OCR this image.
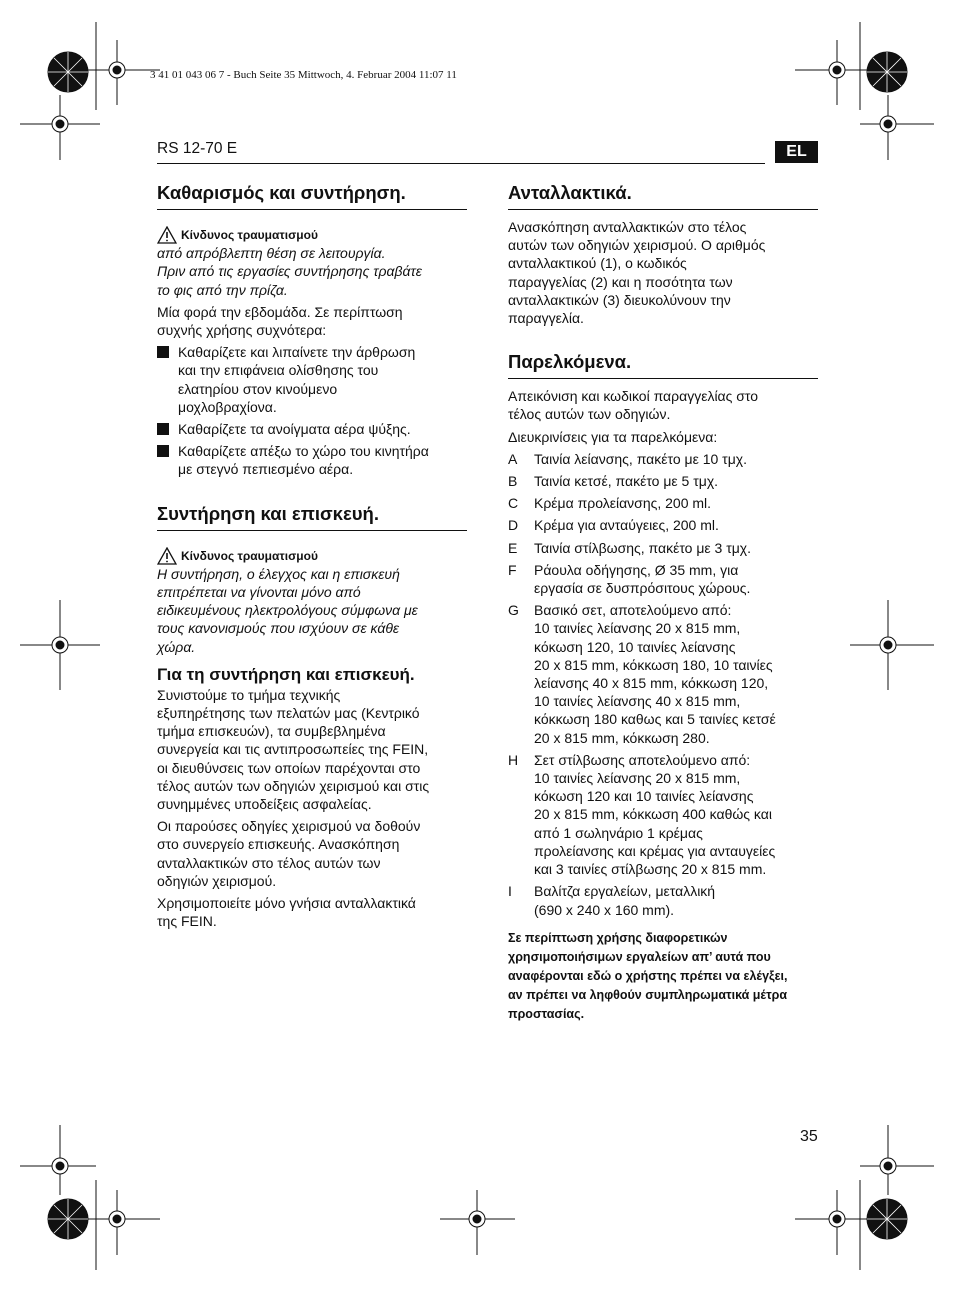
3 41 01 043 06 7 - Buch Seite 35 Mittwoch, 4. Februar 2004 11:07 11
RS 12-70 E	EL
Καθαρισμός και συντήρηση.
Κίνδυνος τραυματισμού
από απρόβλεπτη θέση σε λειτουργία.
Πριν από τις εργασίες συντήρησης τραβάτε
το φις από την πρίζα.

Μία φορά την εβδομάδα. Σε περίπτωση
συχνής χρήσης συχνότερα:

Καθαρίζετε και λιπαίνετε την άρθρωση
και την επιφάνεια ολίσθησης του
ελατηρίου στον κινούμενο
μοχλοβραχίονα.
Καθαρίζετε τα ανοίγματα αέρα ψύξης.
Καθαρίζετε απέξω το χώρο του κινητήρα
με στεγνό πεπιεσμένο αέρα.
Συντήρηση και επισκευή.
Κίνδυνος τραυματισμού
Η συντήρηση, ο έλεγχος και η επισκευή
επιτρέπεται να γίνονται μόνο από
ειδικευμένους ηλεκτρολόγους σύμφωνα με
τους κανονισμούς που ισχύουν σε κάθε
χώρα.
Για τη συντήρηση και επισκευή.

Συνιστούμε το τμήμα τεχνικής
εξυπηρέτησης των πελατών μας (Κεντρικό
τμήμα επισκευών), τα συμβεβλημένα
συνεργεία και τις αντιπροσωπείες της FEIN,
οι διευθύνσεις των οποίων παρέχονται στο
τέλος αυτών των οδηγιών χειρισμού και στις
συνημμένες υποδείξεις ασφαλείας.

Οι παρούσες οδηγίες χειρισμού να δοθούν
στο συνεργείο επισκευής. Ανασκόπηση
ανταλλακτικών στο τέλος αυτών των
οδηγιών χειρισμού.

Χρησιμοποιείτε μόνο γνήσια ανταλλακτικά
της FEIN.

Ανταλλακτικά.

Ανασκόπηση ανταλλακτικών στο τέλος
αυτών των οδηγιών χειρισμού. Ο αριθμός
ανταλλακτικού (1), ο κωδικός
παραγγελίας (2) και η ποσότητα των
ανταλλακτικών (3) διευκολύνουν την
παραγγελία.

Παρελκόμενα.

Απεικόνιση και κωδικοί παραγγελίας στο
τέλος αυτών των οδηγιών.

Διευκρινίσεις για τα παρελκόμενα:

A	Ταινία λείανσης, πακέτο με 10 τμχ.
B	Ταινία κετσέ, πακέτο με 5 τμχ.
C	Κρέμα προλείανσης, 200 ml.
D	Κρέμα για ανταύγειες, 200 ml.
E	Ταινία στίλβωσης, πακέτο με 3 τμχ.
F	Ράουλα οδήγησης, Ø 35 mm, για
εργασία σε δυσπρόσιτους χώρους.
G	Βασικό σετ, αποτελούμενο από:
10 ταινίες λείανσης 20 x 815 mm,
κόκωση 120, 10 ταινίες λείανσης
20 x 815 mm, κόκκωση 180, 10 ταινίες
λείανσης 40 x 815 mm, κόκκωση 120,
10 ταινίες λείανσης 40 x 815 mm,
κόκκωση 180 καθως και 5 ταινίες κετσέ
20 x 815 mm, κόκκωση 280.
H	Σετ στίλβωσης αποτελούμενο από:
10 ταινίες λείανσης 20 x 815 mm,
κόκωση 120 και 10 ταινίες λείανσης
20 x 815 mm, κόκκωση 400 καθώς και
από 1 σωληνάριο 1 κρέμας
προλείανσης και κρέμας για ανταυγείες
και 3 ταινίες στίλβωσης 20 x 815 mm.
I	Βαλίτζα εργαλείων, μεταλλική
(690 x 240 x 160 mm).
Σε περίπτωση χρήσης διαφορετικών
χρησιμοποιήσιμων εργαλείων απ’ αυτά που
αναφέρονται εδώ ο χρήστης πρέπει να ελέγξει,
αν πρέπει να ληφθούν συμπληρωματικά μέτρα
προστασίας.
35
